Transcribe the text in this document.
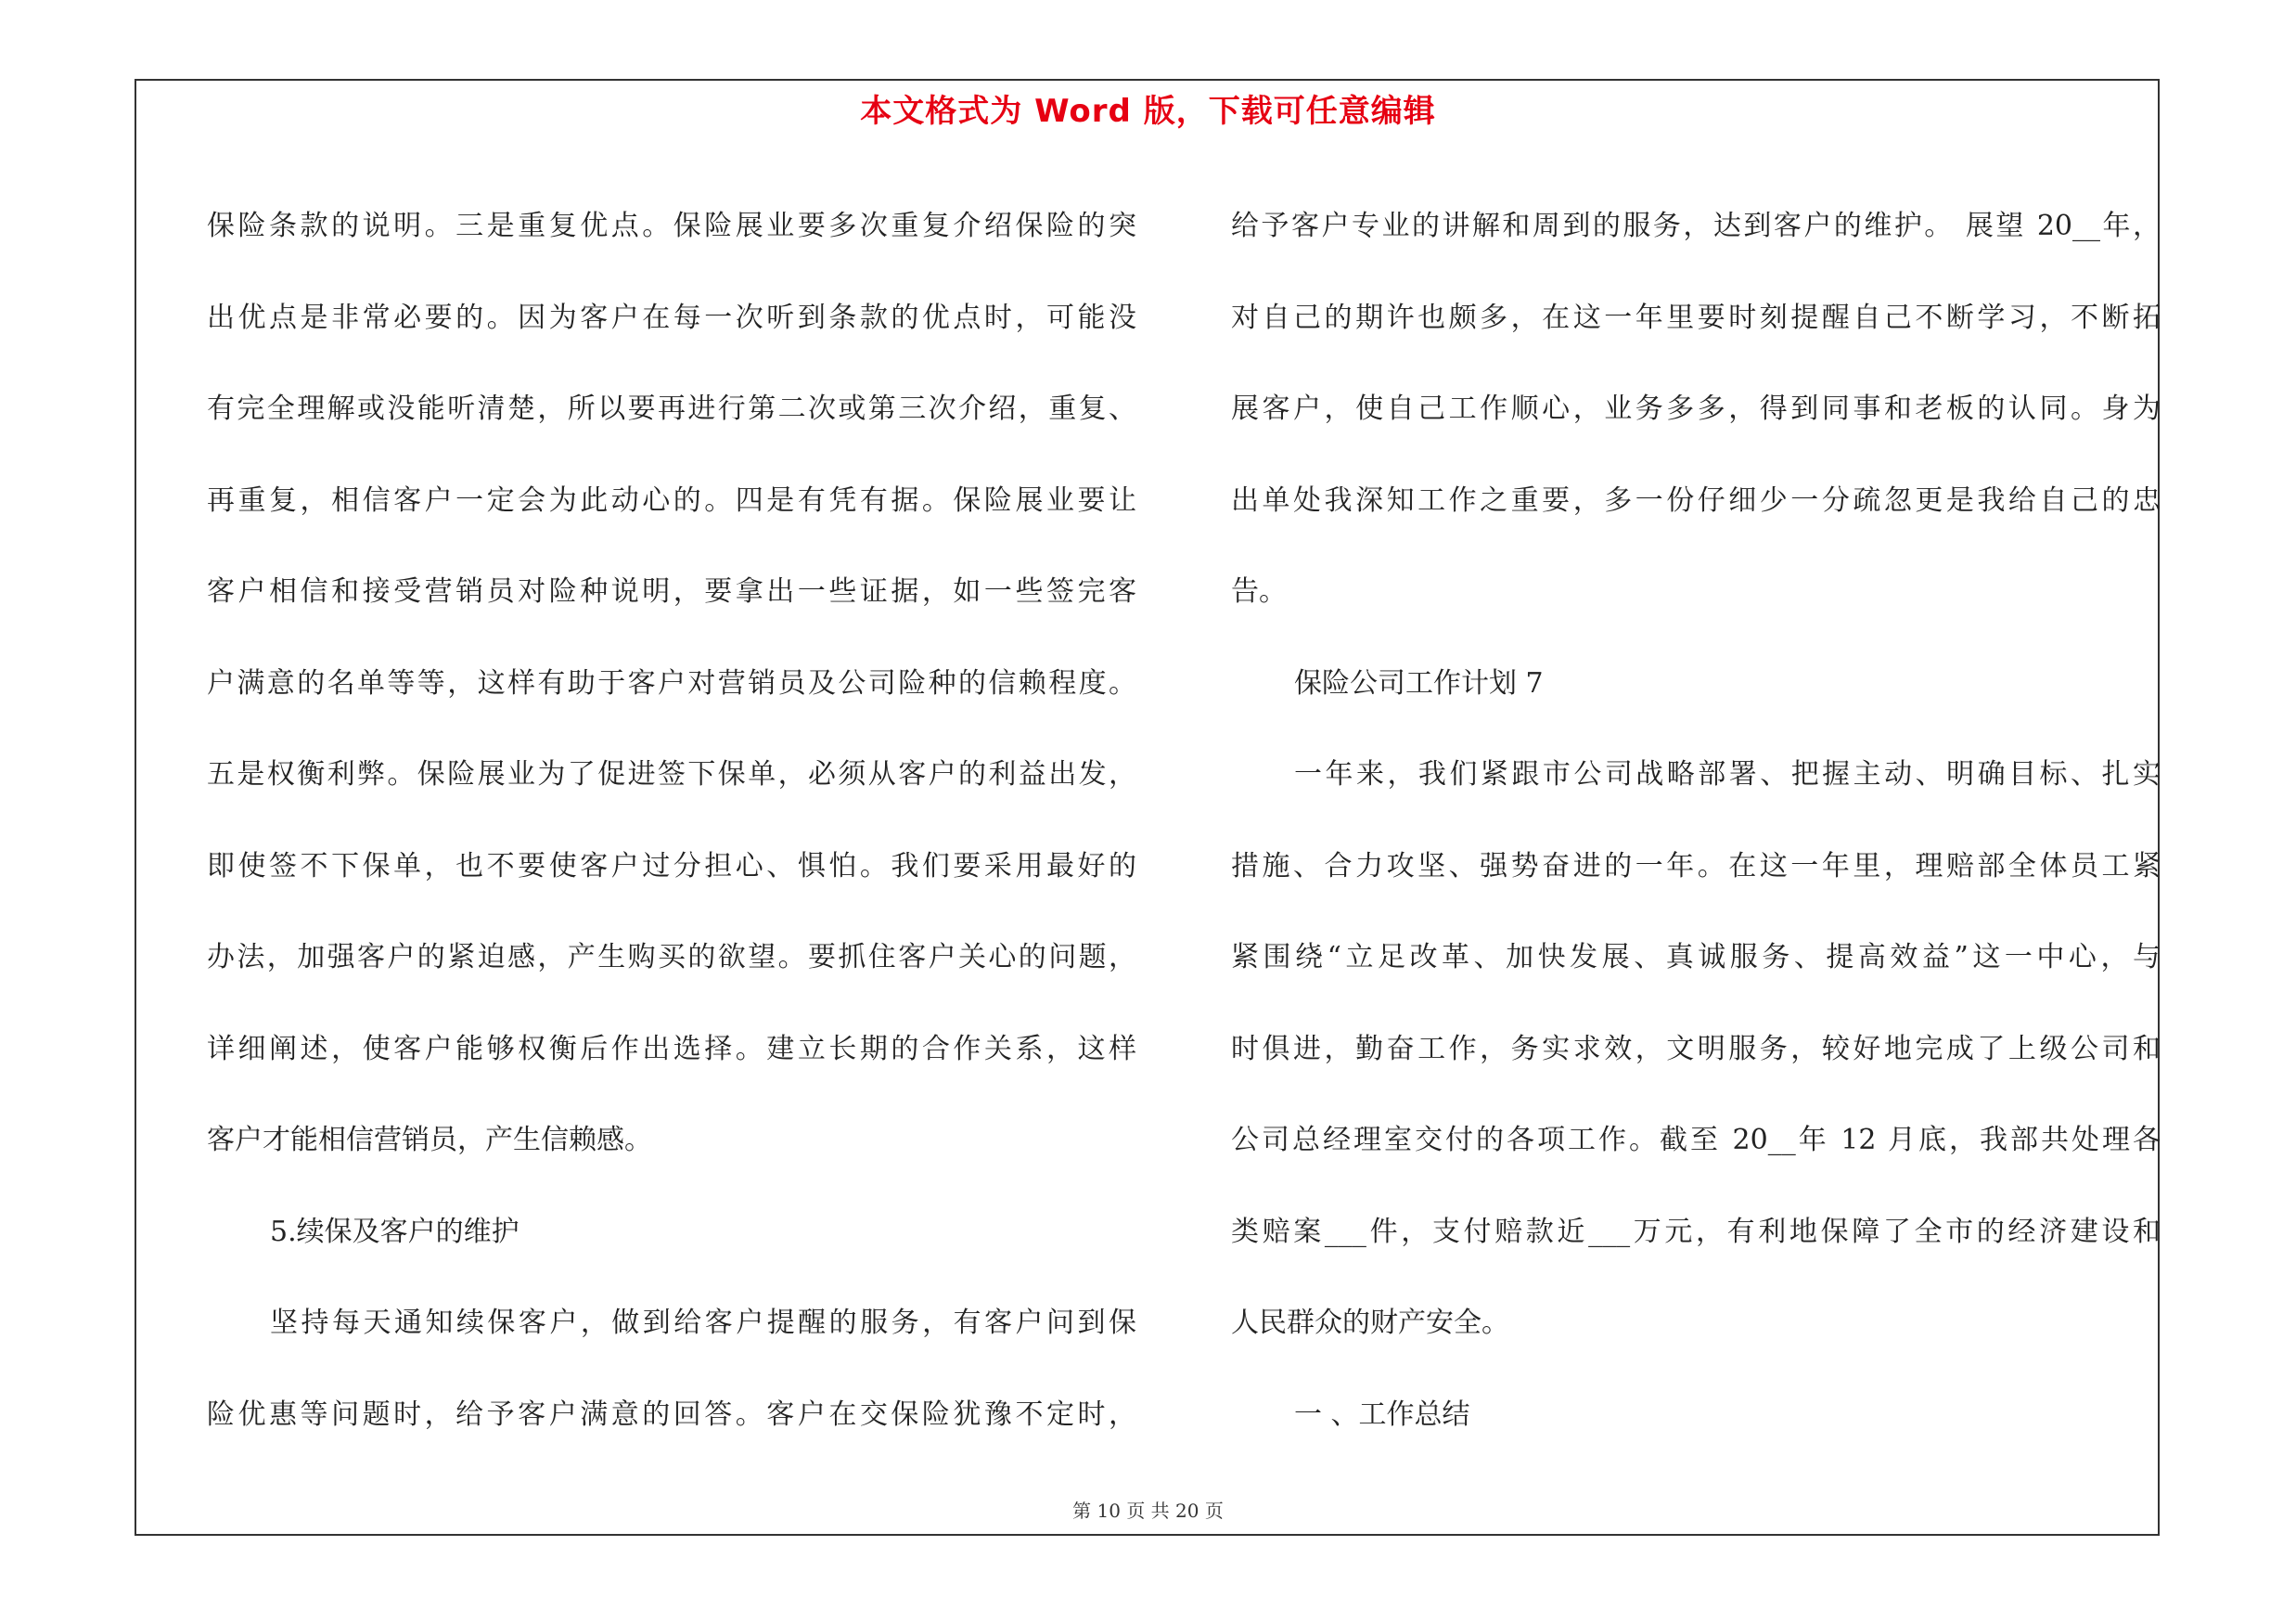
本文格式为 Word 版，下载可任意编辑
保险条款的说明。三是重复优点。保险展业要多次重复介绍保险的突
出优点是非常必要的。因为客户在每一次听到条款的优点时，可能没
有完全理解或没能听清楚，所以要再进行第二次或第三次介绍，重复、
再重复，相信客户一定会为此动心的。四是有凭有据。保险展业要让
客户相信和接受营销员对险种说明，要拿出一些证据，如一些签完客
户满意的名单等等，这样有助于客户对营销员及公司险种的信赖程度。
五是权衡利弊。保险展业为了促进签下保单，必须从客户的利益出发，
即使签不下保单，也不要使客户过分担心、惧怕。我们要采用最好的
办法，加强客户的紧迫感，产生购买的欲望。要抓住客户关心的问题，
详细阐述，使客户能够权衡后作出选择。建立长期的合作关系，这样
客户才能相信营销员，产生信赖感。
5.续保及客户的维护
坚持每天通知续保客户，做到给客户提醒的服务，有客户问到保
险优惠等问题时，给予客户满意的回答。客户在交保险犹豫不定时，
给予客户专业的讲解和周到的服务，达到客户的维护。 展望 20__年，
对自己的期许也颇多，在这一年里要时刻提醒自己不断学习，不断拓
展客户，使自己工作顺心，业务多多，得到同事和老板的认同。身为
出单处我深知工作之重要，多一份仔细少一分疏忽更是我给自己的忠
告。
保险公司工作计划 7
一年来，我们紧跟市公司战略部署、把握主动、明确目标、扎实
措施、合力攻坚、强势奋进的一年。在这一年里，理赔部全体员工紧
紧围绕“立足改革、加快发展、真诚服务、提高效益”这一中心，与
时俱进，勤奋工作，务实求效，文明服务，较好地完成了上级公司和
公司总经理室交付的各项工作。截至 20__年 12 月底，我部共处理各
类赔案___件，支付赔款近___万元，有利地保障了全市的经济建设和
人民群众的财产安全。
一 、工作总结
第 10 页 共 20 页
